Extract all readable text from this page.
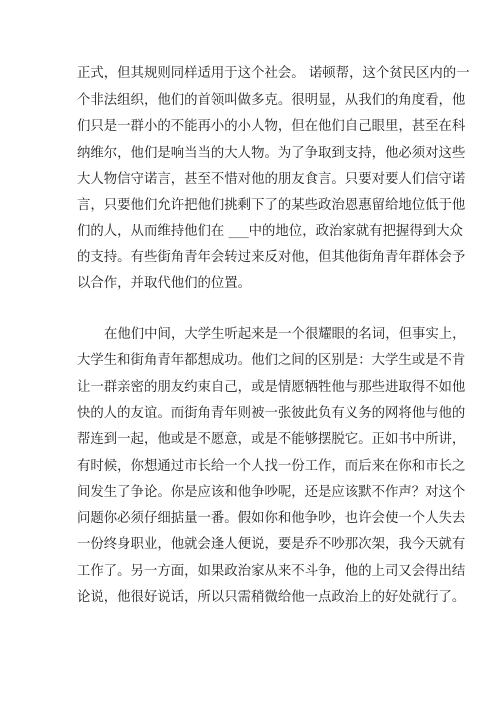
正式，但其规则同样适用于这个社会。 诺顿帮，这个贫民区内的一

个非法组织，他们的首领叫做多克。很明显，从我们的角度看，他

们只是一群小的不能再小的小人物，但在他们自己眼里，甚至在科

纳维尔，他们是响当当的大人物。为了争取到支持，他必须对这些

大人物信守诺言，甚至不惜对他的朋友食言。只要对要人们信守诺

言，只要他们允许把他们挑剩下了的某些政治恩惠留给地位低于他

们的人，从而维持他们在 ___中的地位，政治家就有把握得到大众

的支持。有些街角青年会转过来反对他，但其他街角青年群体会予

以合作，并取代他们的位置。

在他们中间，大学生听起来是一个很耀眼的名词，但事实上，

大学生和街角青年都想成功。他们之间的区别是：大学生或是不肯

让一群亲密的朋友约束自己，或是情愿牺牲他与那些进取得不如他

快的人的友谊。而街角青年则被一张彼此负有义务的网将他与他的

帮连到一起，他或是不愿意，或是不能够摆脱它。正如书中所讲，

有时候，你想通过市长给一个人找一份工作，而后来在你和市长之

间发生了争论。你是应该和他争吵呢，还是应该默不作声？对这个

问题你必须仔细掂量一番。假如你和他争吵，也许会使一个人失去

一份终身职业，他就会逢人便说，要是乔不吵那次架，我今天就有

工作了。另一方面，如果政治家从来不斗争，他的上司又会得出结

论说，他很好说话，所以只需稍微给他一点政治上的好处就行了。
